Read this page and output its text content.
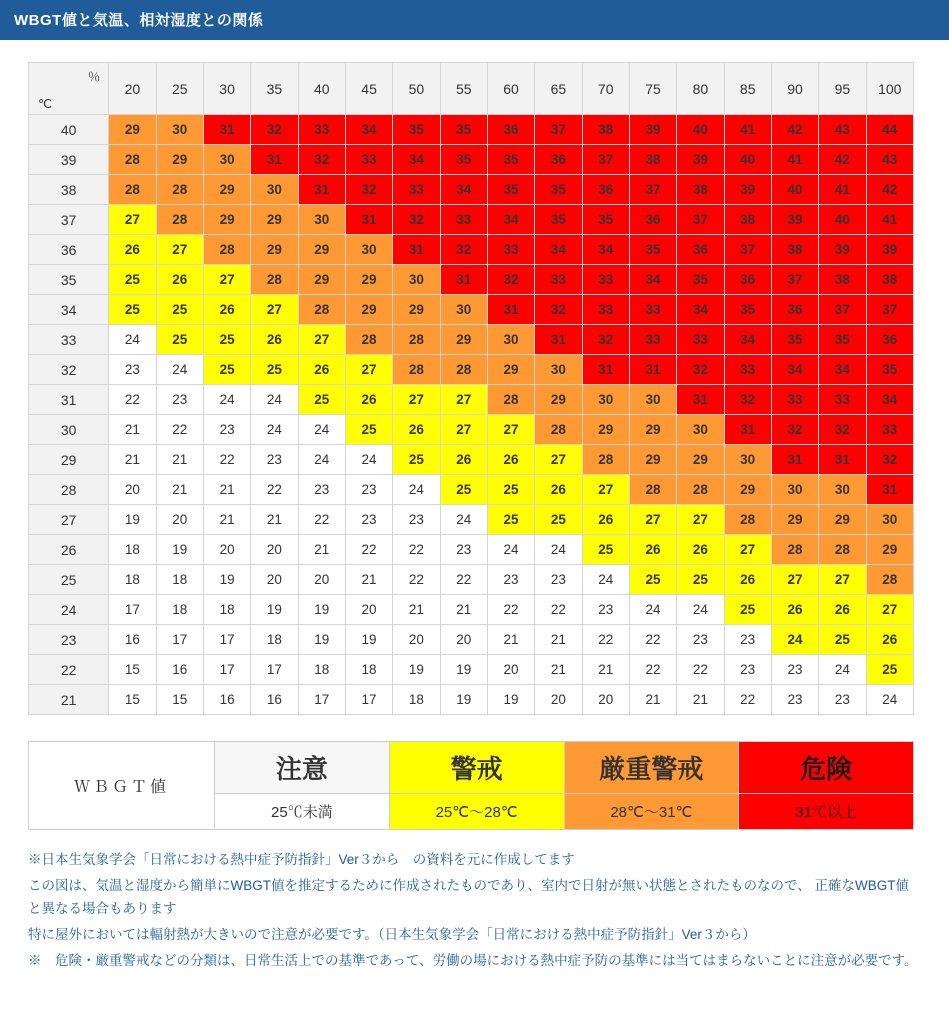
WBGT値と気温、相対湿度との関係
％
℃	20	25	30	35	40	45	50	55	60	65	70	75	80	85	90	95	100
40	29	30	31	32	33	34	35	35	36	37	38	39	40	41	42	43	44
39	28	29	30	31	32	33	34	35	35	36	37	38	39	40	41	42	43
38	28	28	29	30	31	32	33	34	35	35	36	37	38	39	40	41	42
37	27	28	29	29	30	31	32	33	34	35	35	36	37	38	39	40	41
36	26	27	28	29	29	30	31	32	33	34	34	35	36	37	38	39	39
35	25	26	27	28	29	29	30	31	32	33	33	34	35	36	37	38	38
34	25	25	26	27	28	29	29	30	31	32	33	33	34	35	36	37	37
33	24	25	25	26	27	28	28	29	30	31	32	33	33	34	35	35	36
32	23	24	25	25	26	27	28	28	29	30	31	31	32	33	34	34	35
31	22	23	24	24	25	26	27	27	28	29	30	30	31	32	33	33	34
30	21	22	23	24	24	25	26	27	27	28	29	29	30	31	32	32	33
29	21	21	22	23	24	24	25	26	26	27	28	29	29	30	31	31	32
28	20	21	21	22	23	23	24	25	25	26	27	28	28	29	30	30	31
27	19	20	21	21	22	23	23	24	25	25	26	27	27	28	29	29	30
26	18	19	20	20	21	22	22	23	24	24	25	26	26	27	28	28	29
25	18	18	19	20	20	21	22	22	23	23	24	25	25	26	27	27	28
24	17	18	18	19	19	20	21	21	22	22	23	24	24	25	26	26	27
23	16	17	17	18	19	19	20	20	21	21	22	22	23	23	24	25	26
22	15	16	17	17	18	18	19	19	20	21	21	22	22	23	23	24	25
21	15	15	16	16	17	17	18	19	19	20	20	21	21	22	23	23	24
ＷＢＧＴ値	注意	警戒	厳重警戒	危険
	25℃未満	25℃〜28℃	28℃〜31℃	31℃以上

※日本生気象学会「日常における熱中症予防指針」Ver３から　の資料を元に作成してます

この図は、気温と湿度から簡単にWBGT値を推定するために作成されたものであり、室内で日射が無い状態とされたものなので、 正確なWBGT値と異なる場合もあります

特に屋外においては輻射熱が大きいので注意が必要です。（日本生気象学会「日常における熱中症予防指針」Ver３から）

※　危険・厳重警戒などの分類は、日常生活上での基準であって、労働の場における熱中症予防の基準には当てはまらないことに注意が必要です。
